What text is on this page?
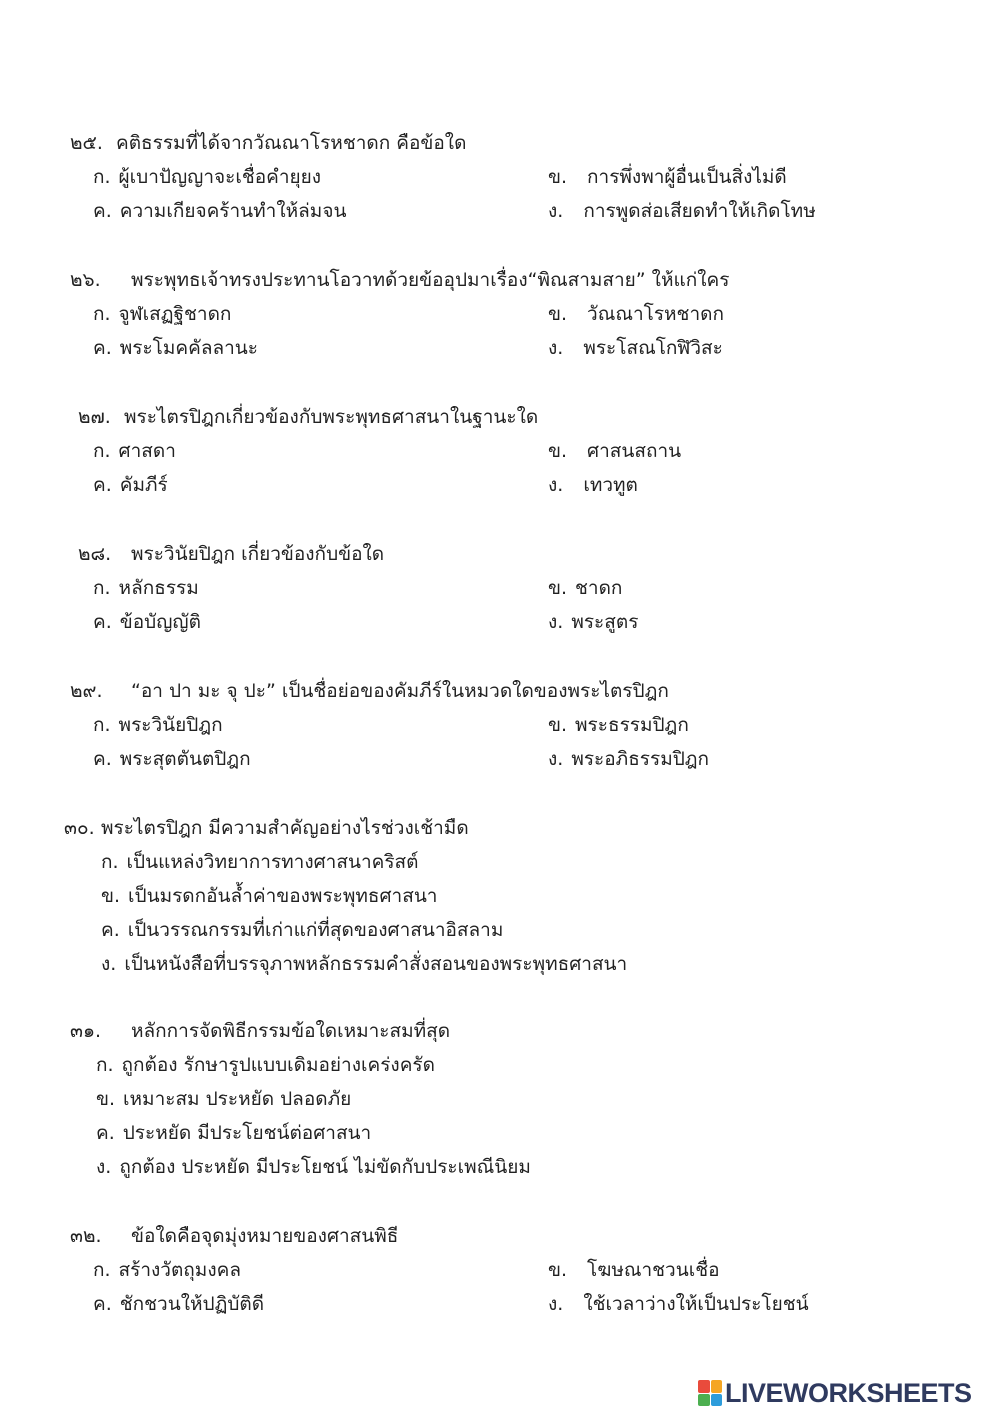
๒๕. คติธรรมที่ได้จากวัณณาโรหชาดก คือข้อใด
ก. ผู้เบาปัญญาจะเชื่อคำยุยง	ข. การพึ่งพาผู้อื่นเป็นสิ่งไม่ดี
ค. ความเกียจคร้านทำให้ล่มจน	ง. การพูดส่อเสียดทำให้เกิดโทษ
๒๖. พระพุทธเจ้าทรงประทานโอวาทด้วยข้ออุปมาเรื่อง“พิณสามสาย” ให้แก่ใคร
ก. จูฬเสฏฐิชาดก	ข. วัณณาโรหชาดก
ค. พระโมคคัลลานะ	ง. พระโสณโกฬิวิสะ
๒๗. พระไตรปิฎกเกี่ยวข้องกับพระพุทธศาสนาในฐานะใด
ก. ศาสดา	ข. ศาสนสถาน
ค. คัมภีร์	ง. เทวทูต
๒๘. พระวินัยปิฎก เกี่ยวข้องกับข้อใด
ก. หลักธรรม	ข. ชาดก
ค. ข้อบัญญัติ	ง. พระสูตร
๒๙. “อา ปา มะ จุ ปะ” เป็นชื่อย่อของคัมภีร์ในหมวดใดของพระไตรปิฎก
ก. พระวินัยปิฎก	ข. พระธรรมปิฎก
ค. พระสุตตันตปิฎก	ง. พระอภิธรรมปิฎก
๓๐. พระไตรปิฎก มีความสำคัญอย่างไรช่วงเช้ามืด
ก. เป็นแหล่งวิทยาการทางศาสนาคริสต์
ข. เป็นมรดกอันล้ำค่าของพระพุทธศาสนา
ค. เป็นวรรณกรรมที่เก่าแก่ที่สุดของศาสนาอิสลาม
ง. เป็นหนังสือที่บรรจุภาพหลักธรรมคำสั่งสอนของพระพุทธศาสนา
๓๑. หลักการจัดพิธีกรรมข้อใดเหมาะสมที่สุด
ก. ถูกต้อง รักษารูปแบบเดิมอย่างเคร่งครัด
ข. เหมาะสม ประหยัด ปลอดภัย
ค. ประหยัด มีประโยชน์ต่อศาสนา
ง. ถูกต้อง ประหยัด มีประโยชน์ ไม่ขัดกับประเพณีนิยม
๓๒. ข้อใดคือจุดมุ่งหมายของศาสนพิธี
ก. สร้างวัตถุมงคล	ข. โฆษณาชวนเชื่อ
ค. ชักชวนให้ปฏิบัติดี	ง. ใช้เวลาว่างให้เป็นประโยชน์
LIVEWORKSHEETS
